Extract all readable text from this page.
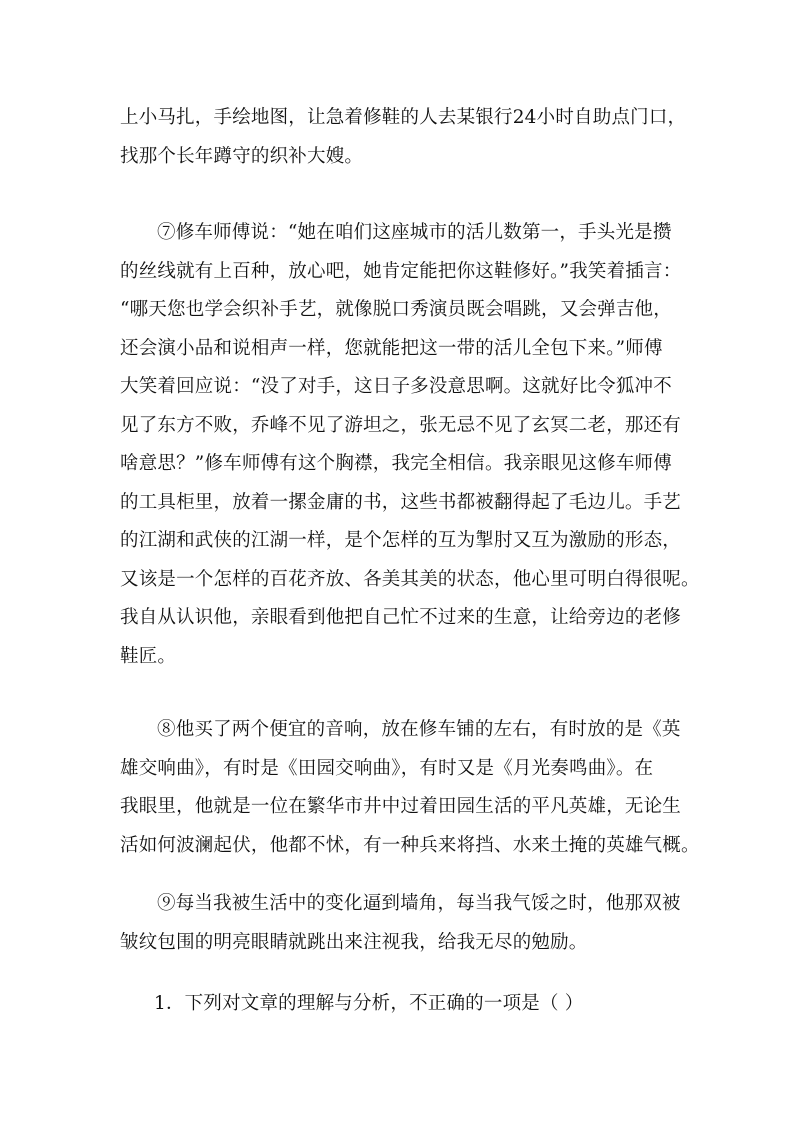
上小马扎，手绘地图，让急着修鞋的人去某银行24小时自助点门口，
找那个长年蹲守的织补大嫂。
⑦修车师傅说：“她在咱们这座城市的活儿数第一，手头光是攒
的丝线就有上百种，放心吧，她肯定能把你这鞋修好。”我笑着插言：
“哪天您也学会织补手艺，就像脱口秀演员既会唱跳，又会弹吉他，
还会演小品和说相声一样，您就能把这一带的活儿全包下来。”师傅
大笑着回应说：“没了对手，这日子多没意思啊。这就好比令狐冲不
见了东方不败，乔峰不见了游坦之，张无忌不见了玄冥二老，那还有
啥意思？”修车师傅有这个胸襟，我完全相信。我亲眼见这修车师傅
的工具柜里，放着一摞金庸的书，这些书都被翻得起了毛边儿。手艺
的江湖和武侠的江湖一样，是个怎样的互为掣肘又互为激励的形态，
又该是一个怎样的百花齐放、各美其美的状态，他心里可明白得很呢。
我自从认识他，亲眼看到他把自己忙不过来的生意，让给旁边的老修
鞋匠。
⑧他买了两个便宜的音响，放在修车铺的左右，有时放的是《英
雄交响曲》，有时是《田园交响曲》，有时又是《月光奏鸣曲》。在
我眼里，他就是一位在繁华市井中过着田园生活的平凡英雄，无论生
活如何波澜起伏，他都不怵，有一种兵来将挡、水来土掩的英雄气概。
⑨每当我被生活中的变化逼到墙角，每当我气馁之时，他那双被
皱纹包围的明亮眼睛就跳出来注视我，给我无尽的勉励。
1．下列对文章的理解与分析，不正确的一项是（ ）
